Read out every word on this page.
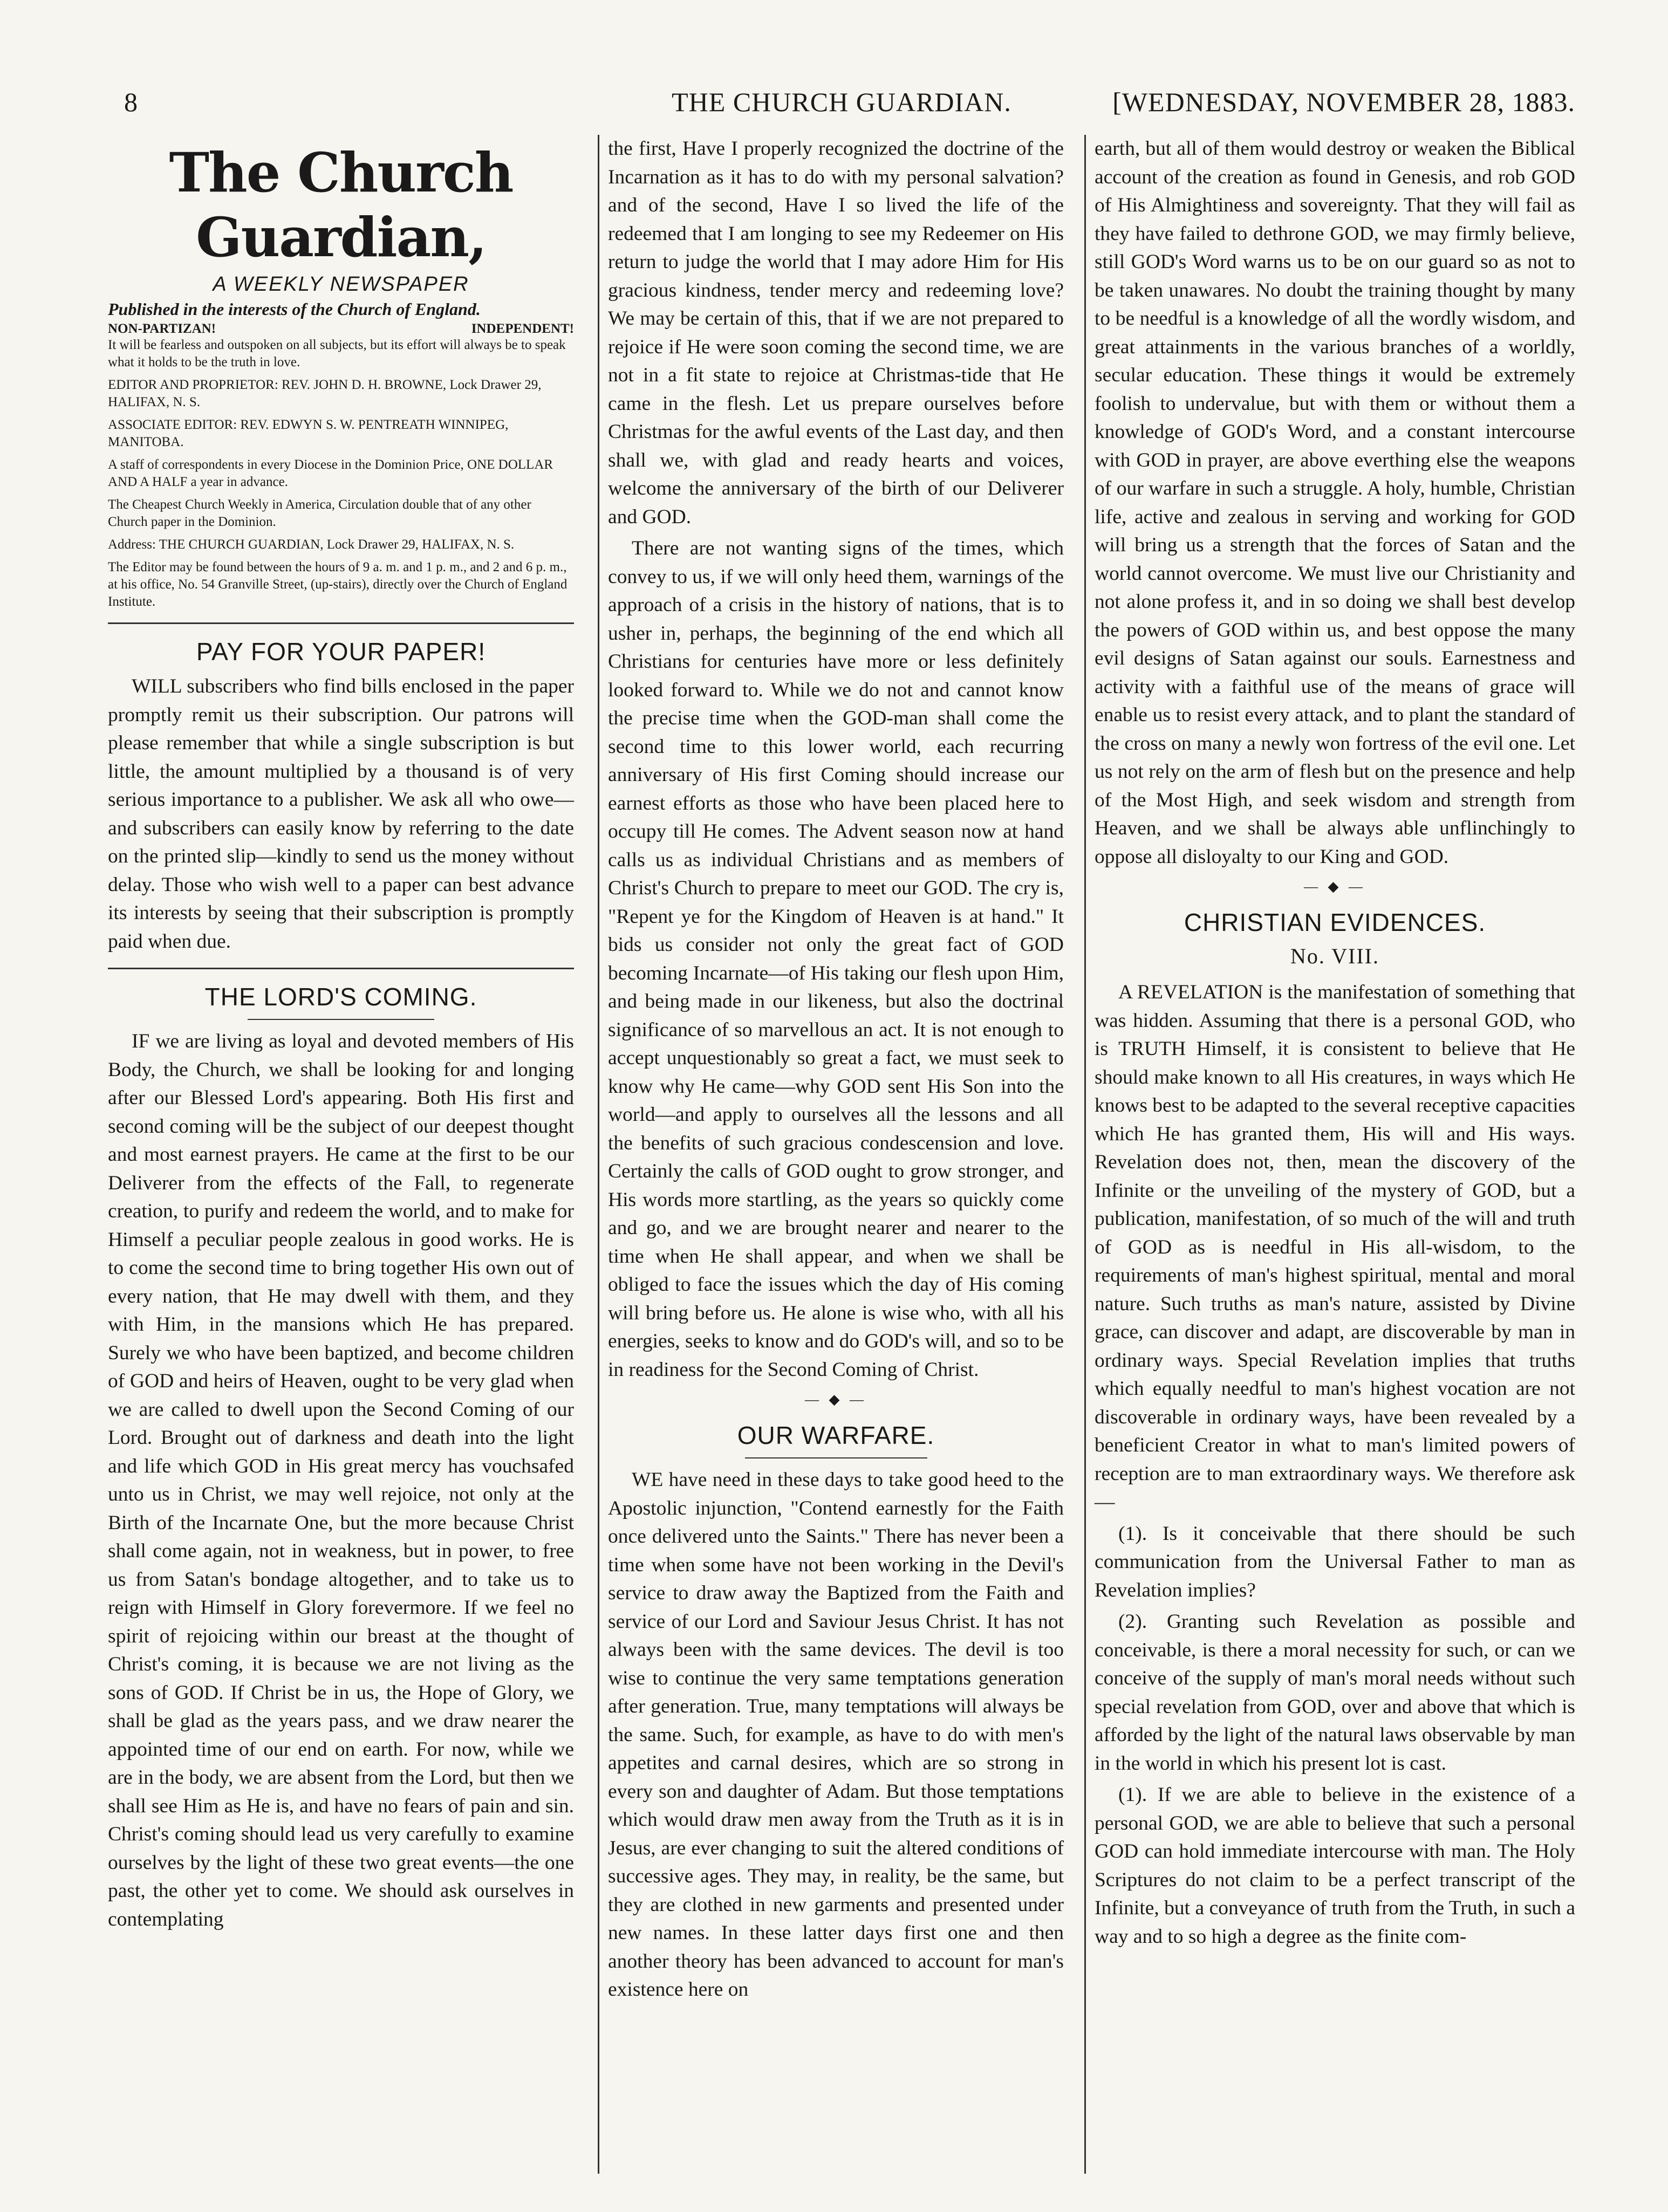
8	THE CHURCH GUARDIAN.	[WEDNESDAY, NOVEMBER 28, 1883.
The Church Guardian,
A WEEKLY NEWSPAPER
Published in the interests of the Church of England.
NON-PARTIZAN!	INDEPENDENT!

It will be fearless and outspoken on all subjects, but its effort will always be to speak what it holds to be the truth in love.

EDITOR AND PROPRIETOR: REV. JOHN D. H. BROWNE, Lock Drawer 29, HALIFAX, N. S.

ASSOCIATE EDITOR: REV. EDWYN S. W. PENTREATH WINNIPEG, MANITOBA.

A staff of correspondents in every Diocese in the Dominion Price, ONE DOLLAR AND A HALF a year in advance.

The Cheapest Church Weekly in America, Circulation double that of any other Church paper in the Dominion.

Address: THE CHURCH GUARDIAN, Lock Drawer 29, HALIFAX, N. S.

The Editor may be found between the hours of 9 a. m. and 1 p. m., and 2 and 6 p. m., at his office, No. 54 Granville Street, (up-stairs), directly over the Church of England Institute.

PAY FOR YOUR PAPER!

WILL subscribers who find bills enclosed in the paper promptly remit us their subscription. Our patrons will please remember that while a single subscription is but little, the amount multiplied by a thousand is of very serious importance to a publisher. We ask all who owe—and subscribers can easily know by referring to the date on the printed slip—kindly to send us the money without delay. Those who wish well to a paper can best advance its interests by seeing that their subscription is promptly paid when due.

THE LORD'S COMING.

IF we are living as loyal and devoted members of His Body, the Church, we shall be looking for and longing after our Blessed Lord's appearing. Both His first and second coming will be the subject of our deepest thought and most earnest prayers. He came at the first to be our Deliverer from the effects of the Fall, to regenerate creation, to purify and redeem the world, and to make for Himself a peculiar people zealous in good works. He is to come the second time to bring together His own out of every nation, that He may dwell with them, and they with Him, in the mansions which He has prepared. Surely we who have been baptized, and become children of GOD and heirs of Heaven, ought to be very glad when we are called to dwell upon the Second Coming of our Lord. Brought out of darkness and death into the light and life which GOD in His great mercy has vouchsafed unto us in Christ, we may well rejoice, not only at the Birth of the Incarnate One, but the more because Christ shall come again, not in weakness, but in power, to free us from Satan's bondage altogether, and to take us to reign with Himself in Glory forevermore. If we feel no spirit of rejoicing within our breast at the thought of Christ's coming, it is because we are not living as the sons of GOD. If Christ be in us, the Hope of Glory, we shall be glad as the years pass, and we draw nearer the appointed time of our end on earth. For now, while we are in the body, we are absent from the Lord, but then we shall see Him as He is, and have no fears of pain and sin. Christ's coming should lead us very carefully to examine ourselves by the light of these two great events—the one past, the other yet to come. We should ask ourselves in contemplating

the first, Have I properly recognized the doctrine of the Incarnation as it has to do with my personal salvation? and of the second, Have I so lived the life of the redeemed that I am longing to see my Redeemer on His return to judge the world that I may adore Him for His gracious kindness, tender mercy and redeeming love? We may be certain of this, that if we are not prepared to rejoice if He were soon coming the second time, we are not in a fit state to rejoice at Christmas-tide that He came in the flesh. Let us prepare ourselves before Christmas for the awful events of the Last day, and then shall we, with glad and ready hearts and voices, welcome the anniversary of the birth of our Deliverer and GOD.

There are not wanting signs of the times, which convey to us, if we will only heed them, warnings of the approach of a crisis in the history of nations, that is to usher in, perhaps, the beginning of the end which all Christians for centuries have more or less definitely looked forward to. While we do not and cannot know the precise time when the GOD-man shall come the second time to this lower world, each recurring anniversary of His first Coming should increase our earnest efforts as those who have been placed here to occupy till He comes. The Advent season now at hand calls us as individual Christians and as members of Christ's Church to prepare to meet our GOD. The cry is, "Repent ye for the Kingdom of Heaven is at hand." It bids us consider not only the great fact of GOD becoming Incarnate—of His taking our flesh upon Him, and being made in our likeness, but also the doctrinal significance of so marvellous an act. It is not enough to accept unquestionably so great a fact, we must seek to know why He came—why GOD sent His Son into the world—and apply to ourselves all the lessons and all the benefits of such gracious condescension and love. Certainly the calls of GOD ought to grow stronger, and His words more startling, as the years so quickly come and go, and we are brought nearer and nearer to the time when He shall appear, and when we shall be obliged to face the issues which the day of His coming will bring before us. He alone is wise who, with all his energies, seeks to know and do GOD's will, and so to be in readiness for the Second Coming of Christ.

— ◆ —
OUR WARFARE.

WE have need in these days to take good heed to the Apostolic injunction, "Contend earnestly for the Faith once delivered unto the Saints." There has never been a time when some have not been working in the Devil's service to draw away the Baptized from the Faith and service of our Lord and Saviour Jesus Christ. It has not always been with the same devices. The devil is too wise to continue the very same temptations generation after generation. True, many temptations will always be the same. Such, for example, as have to do with men's appetites and carnal desires, which are so strong in every son and daughter of Adam. But those temptations which would draw men away from the Truth as it is in Jesus, are ever changing to suit the altered conditions of successive ages. They may, in reality, be the same, but they are clothed in new garments and presented under new names. In these latter days first one and then another theory has been advanced to account for man's existence here on

earth, but all of them would destroy or weaken the Biblical account of the creation as found in Genesis, and rob GOD of His Almightiness and sovereignty. That they will fail as they have failed to dethrone GOD, we may firmly believe, still GOD's Word warns us to be on our guard so as not to be taken unawares. No doubt the training thought by many to be needful is a knowledge of all the wordly wisdom, and great attainments in the various branches of a worldly, secular education. These things it would be extremely foolish to undervalue, but with them or without them a knowledge of GOD's Word, and a constant intercourse with GOD in prayer, are above everthing else the weapons of our warfare in such a struggle. A holy, humble, Christian life, active and zealous in serving and working for GOD will bring us a strength that the forces of Satan and the world cannot overcome. We must live our Christianity and not alone profess it, and in so doing we shall best develop the powers of GOD within us, and best oppose the many evil designs of Satan against our souls. Earnestness and activity with a faithful use of the means of grace will enable us to resist every attack, and to plant the standard of the cross on many a newly won fortress of the evil one. Let us not rely on the arm of flesh but on the presence and help of the Most High, and seek wisdom and strength from Heaven, and we shall be always able unflinchingly to oppose all disloyalty to our King and GOD.

— ◆ —
CHRISTIAN EVIDENCES.
No. VIII.

A REVELATION is the manifestation of something that was hidden. Assuming that there is a personal GOD, who is TRUTH Himself, it is consistent to believe that He should make known to all His creatures, in ways which He knows best to be adapted to the several receptive capacities which He has granted them, His will and His ways. Revelation does not, then, mean the discovery of the Infinite or the unveiling of the mystery of GOD, but a publication, manifestation, of so much of the will and truth of GOD as is needful in His all-wisdom, to the requirements of man's highest spiritual, mental and moral nature. Such truths as man's nature, assisted by Divine grace, can discover and adapt, are discoverable by man in ordinary ways. Special Revelation implies that truths which equally needful to man's highest vocation are not discoverable in ordinary ways, have been revealed by a beneficient Creator in what to man's limited powers of reception are to man extraordinary ways. We therefore ask—

(1). Is it conceivable that there should be such communication from the Universal Father to man as Revelation implies?

(2). Granting such Revelation as possible and conceivable, is there a moral necessity for such, or can we conceive of the supply of man's moral needs without such special revelation from GOD, over and above that which is afforded by the light of the natural laws observable by man in the world in which his present lot is cast.

(1). If we are able to believe in the existence of a personal GOD, we are able to believe that such a personal GOD can hold immediate intercourse with man. The Holy Scriptures do not claim to be a perfect transcript of the Infinite, but a conveyance of truth from the Truth, in such a way and to so high a degree as the finite com-
